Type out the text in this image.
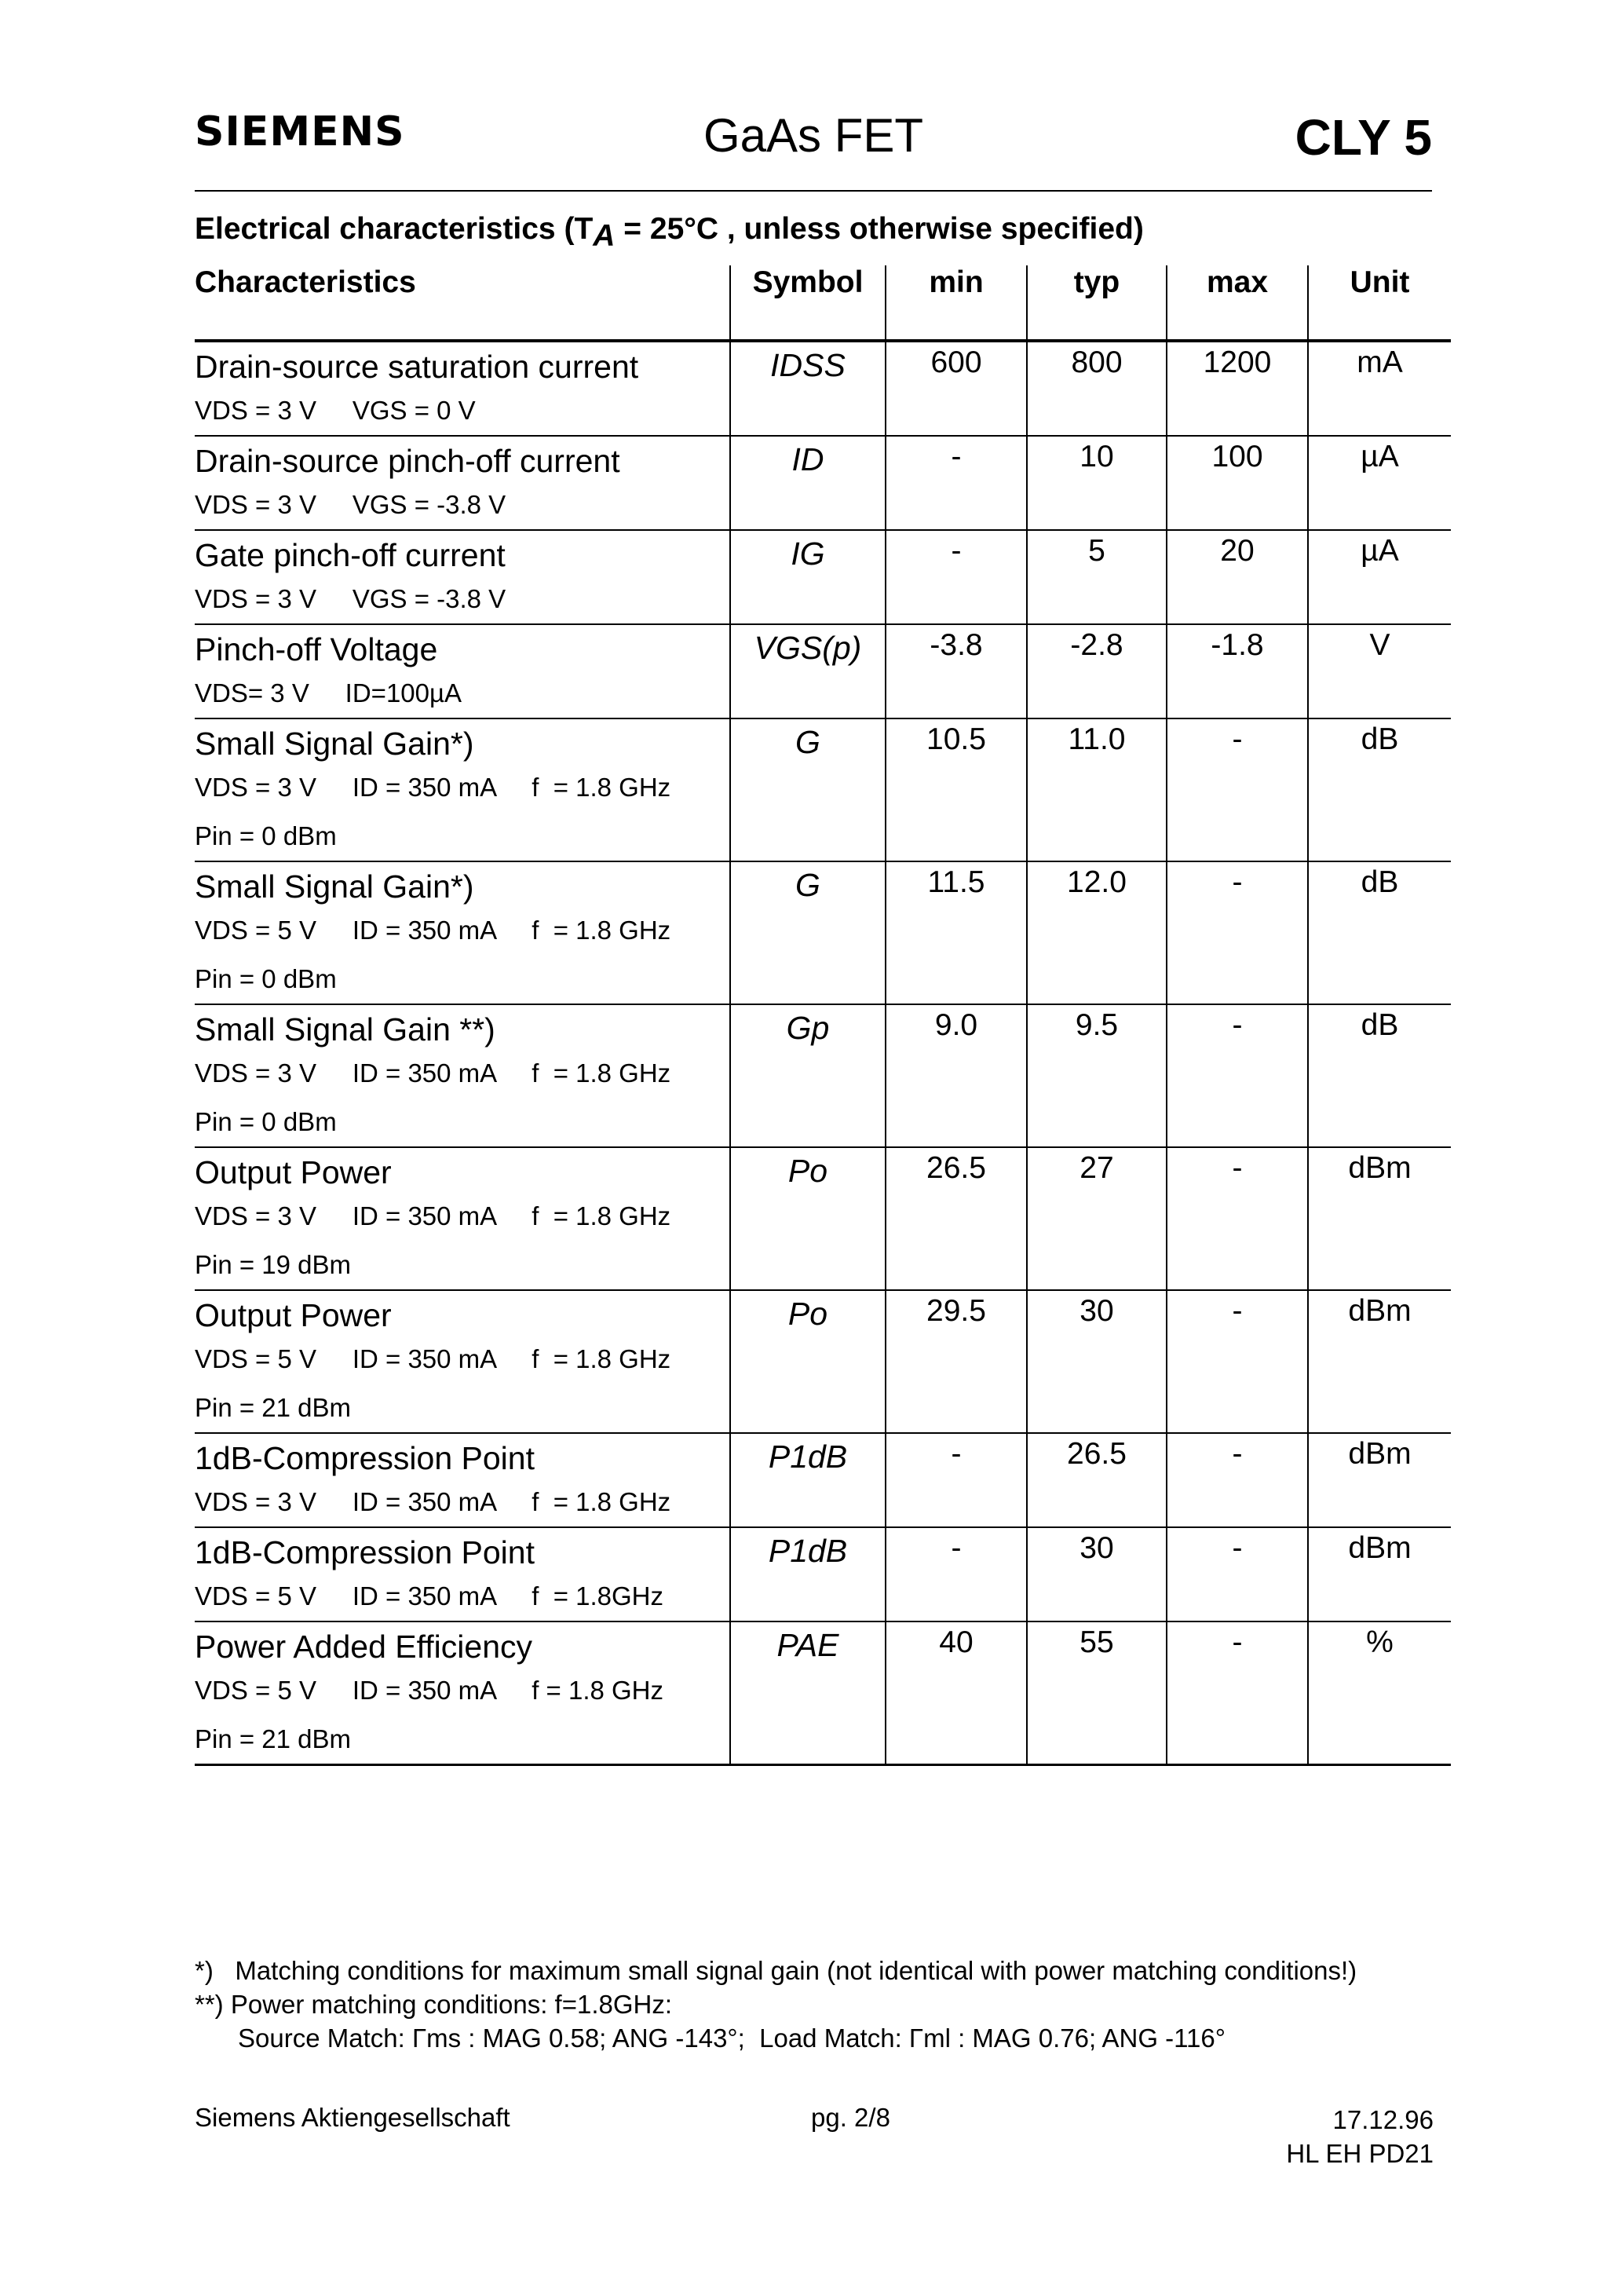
SIEMENS	GaAs FET	CLY 5
Electrical characteristics ($T_A = 25^\circ C$ , unless otherwise specified)
Characteristics	Symbol	min	typ	max	Unit

Drain-source saturation current
VDS = 3 V     VGS = 0 V	IDSS	600	800	1200	mA

Drain-source pinch-off current
VDS = 3 V     VGS = -3.8 V	ID	-	10	100	µA

Gate pinch-off current
VDS = 3 V     VGS = -3.8 V	IG	-	5	20	µA

Pinch-off Voltage
VDS= 3 V     ID=100µA	VGS(p)	-3.8	-2.8	-1.8	V

Small Signal Gain*)
VDS = 3 V     ID = 350 mA     f  = 1.8 GHz
Pin = 0 dBm	G	10.5	11.0	-	dB

Small Signal Gain*)
VDS = 5 V     ID = 350 mA     f  = 1.8 GHz
Pin = 0 dBm	G	11.5	12.0	-	dB

Small Signal Gain **)
VDS = 3 V     ID = 350 mA     f  = 1.8 GHz
Pin = 0 dBm	Gp	9.0	9.5	-	dB

Output Power
VDS = 3 V     ID = 350 mA     f  = 1.8 GHz
Pin = 19 dBm	Po	26.5	27	-	dBm

Output Power
VDS = 5 V     ID = 350 mA     f  = 1.8 GHz
Pin = 21 dBm	Po	29.5	30	-	dBm

1dB-Compression Point
VDS = 3 V     ID = 350 mA     f  = 1.8 GHz	P1dB	-	26.5	-	dBm

1dB-Compression Point
VDS = 5 V     ID = 350 mA     f  = 1.8GHz	P1dB	-	30	-	dBm

Power Added Efficiency
VDS = 5 V     ID = 350 mA     f = 1.8 GHz
Pin = 21 dBm	PAE	40	55	-	%
*)   Matching conditions for maximum small signal gain (not identical with power matching conditions!)
**) Power matching conditions: f=1.8GHz:
Source Match: Γms : MAG 0.58; ANG -143°;  Load Match: Γml : MAG 0.76; ANG -116°
Siemens Aktiengesellschaft	pg. 2/8	17.12.96
HL EH PD21
